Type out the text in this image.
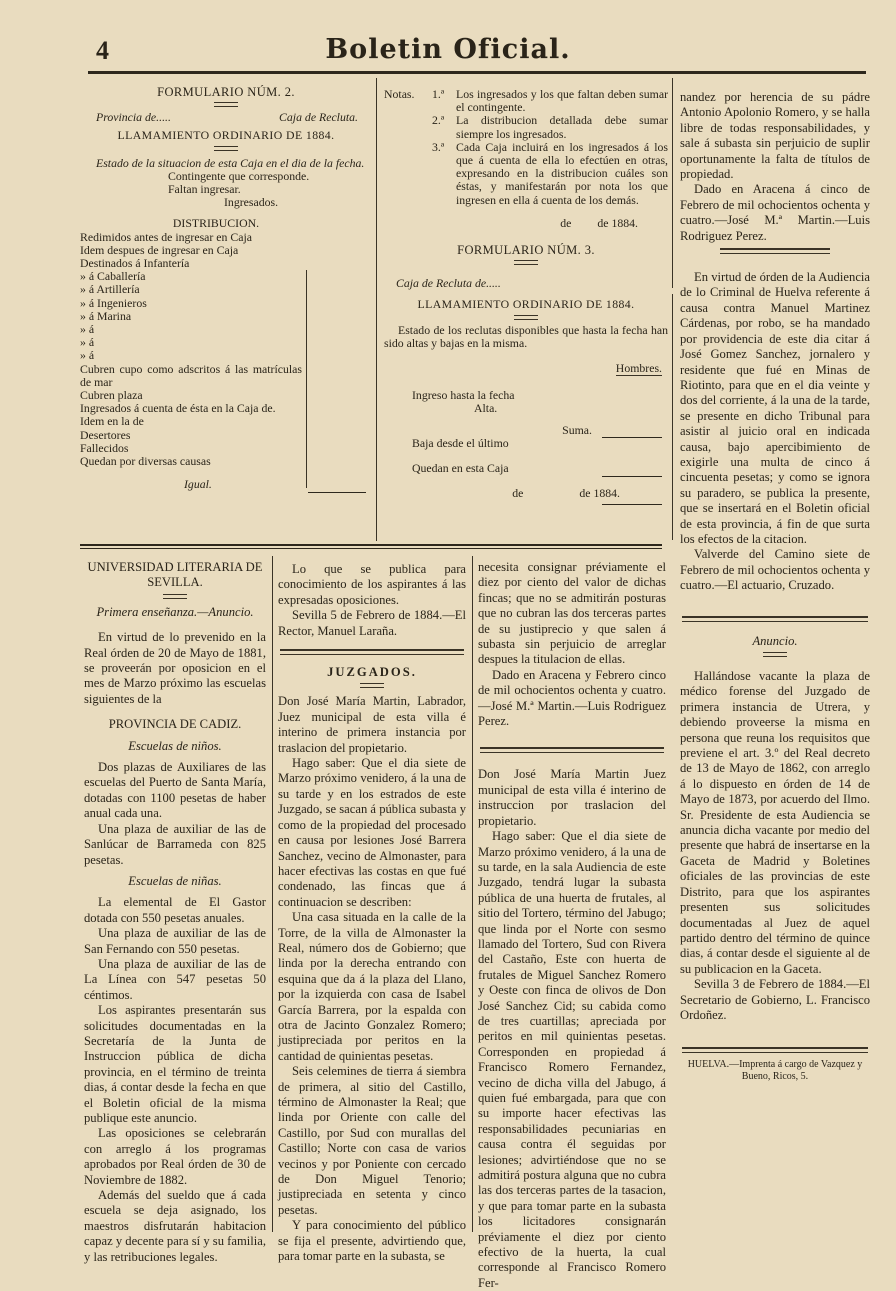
4	Boletin Oficial.
FORMULARIO NÚM. 2.
Provincia de.....	Caja de Recluta.
LLAMAMIENTO ORDINARIO DE 1884.
Estado de la situacion de esta Caja en el dia de la fecha.
Contingente que corresponde.
Faltan ingresar.
Ingresados.
DISTRIBUCION.
Redimidos antes de ingresar en Caja
Idem despues de ingresar en Caja
Destinados á Infantería
» á Caballería
» á Artillería
» á Ingenieros
» á Marina
» á
» á
» á
Cubren cupo como adscritos á las matrículas de mar
Cubren plaza
Ingresados á cuenta de ésta en la Caja de.
Idem en la de
Desertores
Fallecidos
Quedan por diversas causas
Igual.
Notas.	1.ª	Los ingresados y los que faltan deben sumar el contingente.
2.ª	La distribucion detallada debe sumar siempre los ingresados.
3.ª	Cada Caja incluirá en los ingresados á los que á cuenta de ella lo efectúen en otras, expresando en la distribucion cuáles son éstas, y manifestarán por nota los que ingresen en ella á cuenta de los demás.
de de 1884.
FORMULARIO NÚM. 3.
Caja de Recluta de.....
LLAMAMIENTO ORDINARIO DE 1884.
Estado de los reclutas disponibles que hasta la fecha han sido altas y bajas en la misma.
Hombres.
Ingreso hasta la fecha
Alta.
Suma.
Baja desde el último
Quedan en esta Caja
de	de 1884.

nandez por herencia de su pádre Antonio Apolonio Romero, y se halla libre de todas responsabilidades, y sale á subasta sin perjuicio de suplir oportunamente la falta de títulos de propiedad.

Dado en Aracena á cinco de Febrero de mil ochocientos ochenta y cuatro.—José M.ª Martin.—Luis Rodriguez Perez.

En virtud de órden de la Audiencia de lo Criminal de Huelva referente á causa contra Manuel Martinez Cárdenas, por robo, se ha mandado por providencia de este dia citar á José Gomez Sanchez, jornalero y residente que fué en Minas de Riotinto, para que en el dia veinte y dos del corriente, á la una de la tarde, se presente en dicho Tribunal para asistir al juicio oral en indicada causa, bajo apercibimiento de exigirle una multa de cinco á cincuenta pesetas; y como se ignora su paradero, se publica la presente, que se insertará en el Boletin oficial de esta provincia, á fin de que surta los efectos de la citacion.

Valverde del Camino siete de Febrero de mil ochocientos ochenta y cuatro.—El actuario, Cruzado.

Anuncio.

Hallándose vacante la plaza de médico forense del Juzgado de primera instancia de Utrera, y debiendo proveerse la misma en persona que reuna los requisitos que previene el art. 3.º del Real decreto de 13 de Mayo de 1862, con arreglo á lo dispuesto en órden de 14 de Mayo de 1873, por acuerdo del Ilmo. Sr. Presidente de esta Audiencia se anuncia dicha vacante por medio del presente que habrá de insertarse en la Gaceta de Madrid y Boletines oficiales de las provincias de este Distrito, para que los aspirantes presenten sus solicitudes documentadas al Juez de aquel partido dentro del término de quince dias, á contar desde el siguiente al de su publicacion en la Gaceta.

Sevilla 3 de Febrero de 1884.—El Secretario de Gobierno, L. Francisco Ordoñez.

HUELVA.—Imprenta á cargo de Vazquez y Bueno, Ricos, 5.

UNIVERSIDAD LITERARIA DE SEVILLA.

Primera enseñanza.—Anuncio.

En virtud de lo prevenido en la Real órden de 20 de Mayo de 1881, se proveerán por oposicion en el mes de Marzo próximo las escuelas siguientes de la

PROVINCIA DE CADIZ.

Escuelas de niños.

Dos plazas de Auxiliares de las escuelas del Puerto de Santa María, dotadas con 1100 pesetas de haber anual cada una.

Una plaza de auxiliar de las de Sanlúcar de Barrameda con 825 pesetas.

Escuelas de niñas.

La elemental de El Gastor dotada con 550 pesetas anuales.

Una plaza de auxiliar de las de San Fernando con 550 pesetas.

Una plaza de auxiliar de las de La Línea con 547 pesetas 50 céntimos.

Los aspirantes presentarán sus solicitudes documentadas en la Secretaría de la Junta de Instruccion pública de dicha provincia, en el término de treinta dias, á contar desde la fecha en que el Boletin oficial de la misma publique este anuncio.

Las oposiciones se celebrarán con arreglo á los programas aprobados por Real órden de 30 de Noviembre de 1882.

Además del sueldo que á cada escuela se deja asignado, los maestros disfrutarán habitacion capaz y decente para sí y su familia, y las retribuciones legales.

Lo que se publica para conocimiento de los aspirantes á las expresadas oposiciones.

Sevilla 5 de Febrero de 1884.—El Rector, Manuel Laraña.

JUZGADOS.

Don José María Martin, Labrador, Juez municipal de esta villa é interino de primera instancia por traslacion del propietario.

Hago saber: Que el dia siete de Marzo próximo venidero, á la una de su tarde y en los estrados de este Juzgado, se sacan á pública subasta y como de la propiedad del procesado en causa por lesiones José Barrera Sanchez, vecino de Almonaster, para hacer efectivas las costas en que fué condenado, las fincas que á continuacion se describen:

Una casa situada en la calle de la Torre, de la villa de Almonaster la Real, número dos de Gobierno; que linda por la derecha entrando con esquina que da á la plaza del Llano, por la izquierda con casa de Isabel García Barrera, por la espalda con otra de Jacinto Gonzalez Romero; justipreciada por peritos en la cantidad de quinientas pesetas.

Seis celemines de tierra á siembra de primera, al sitio del Castillo, término de Almonaster la Real; que linda por Oriente con calle del Castillo, por Sud con murallas del Castillo; Norte con casa de varios vecinos y por Poniente con cercado de Don Miguel Tenorio; justipreciada en setenta y cinco pesetas.

Y para conocimiento del público se fija el presente, advirtiendo que, para tomar parte en la subasta, se

necesita consignar préviamente el diez por ciento del valor de dichas fincas; que no se admitirán posturas que no cubran las dos terceras partes de su justiprecio y que salen á subasta sin perjuicio de arreglar despues la titulacion de ellas.

Dado en Aracena y Febrero cinco de mil ochocientos ochenta y cuatro.—José M.ª Martin.—Luis Rodriguez Perez.

Don José María Martin Juez municipal de esta villa é interino de instruccion por traslacion del propietario.

Hago saber: Que el dia siete de Marzo próximo venidero, á la una de su tarde, en la sala Audiencia de este Juzgado, tendrá lugar la subasta pública de una huerta de frutales, al sitio del Tortero, término del Jabugo; que linda por el Norte con sesmo llamado del Tortero, Sud con Rivera del Castaño, Este con huerta de frutales de Miguel Sanchez Romero y Oeste con finca de olivos de Don José Sanchez Cid; su cabida como de tres cuartillas; apreciada por peritos en mil quinientas pesetas. Corresponden en propiedad á Francisco Romero Fernandez, vecino de dicha villa del Jabugo, á quien fué embargada, para que con su importe hacer efectivas las responsabilidades pecuniarias en causa contra él seguidas por lesiones; advirtiéndose que no se admitirá postura alguna que no cubra las dos terceras partes de la tasacion, y que para tomar parte en la subasta los licitadores consignarán préviamente el diez por ciento efectivo de la huerta, la cual corresponde al Francisco Romero Fer-
